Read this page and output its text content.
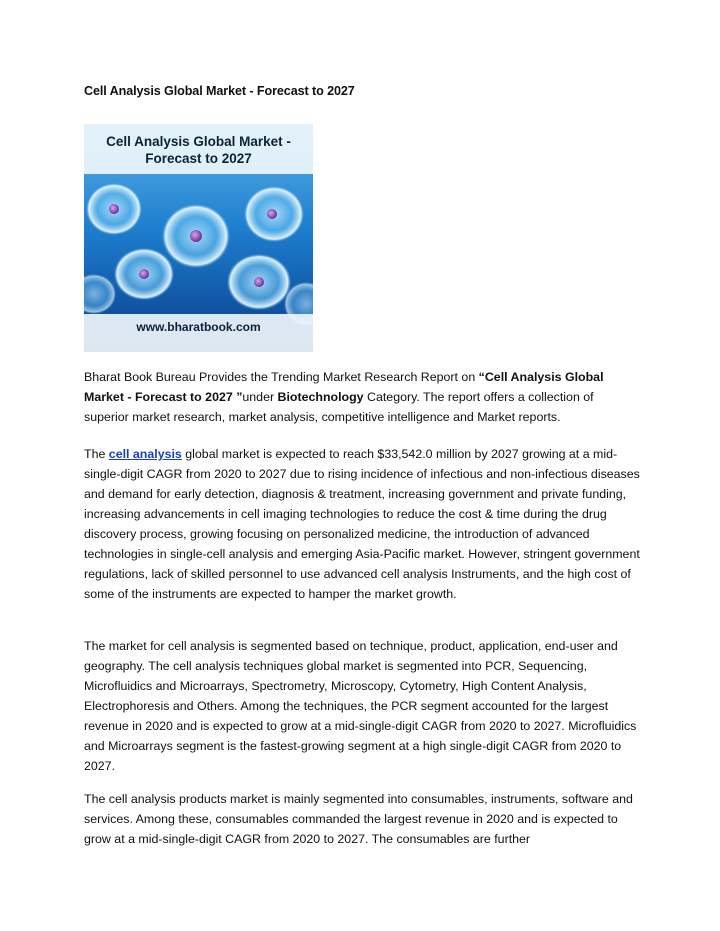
Cell Analysis Global Market - Forecast to 2027
Cell Analysis Global Market -
Forecast to 2027
www.bharatbook.com

Bharat Book Bureau Provides the Trending Market Research Report on “Cell Analysis Global Market - Forecast to 2027 ”under Biotechnology Category. The report offers a collection of superior market research, market analysis, competitive intelligence and Market reports.

The cell analysis global market is expected to reach $33,542.0 million by 2027 growing at a mid-single-digit CAGR from 2020 to 2027 due to rising incidence of infectious and non-infectious diseases and demand for early detection, diagnosis & treatment, increasing government and private funding, increasing advancements in cell imaging technologies to reduce the cost & time during the drug discovery process, growing focusing on personalized medicine, the introduction of advanced technologies in single-cell analysis and emerging Asia-Pacific market. However, stringent government regulations, lack of skilled personnel to use advanced cell analysis Instruments, and the high cost of some of the instruments are expected to hamper the market growth.

The market for cell analysis is segmented based on technique, product, application, end-user and geography. The cell analysis techniques global market is segmented into PCR, Sequencing, Microfluidics and Microarrays, Spectrometry, Microscopy, Cytometry, High Content Analysis, Electrophoresis and Others. Among the techniques, the PCR segment accounted for the largest revenue in 2020 and is expected to grow at a mid-single-digit CAGR from 2020 to 2027. Microfluidics and Microarrays segment is the fastest-growing segment at a high single-digit CAGR from 2020 to 2027.

The cell analysis products market is mainly segmented into consumables, instruments, software and services. Among these, consumables commanded the largest revenue in 2020 and is expected to grow at a mid-single-digit CAGR from 2020 to 2027. The consumables are further
